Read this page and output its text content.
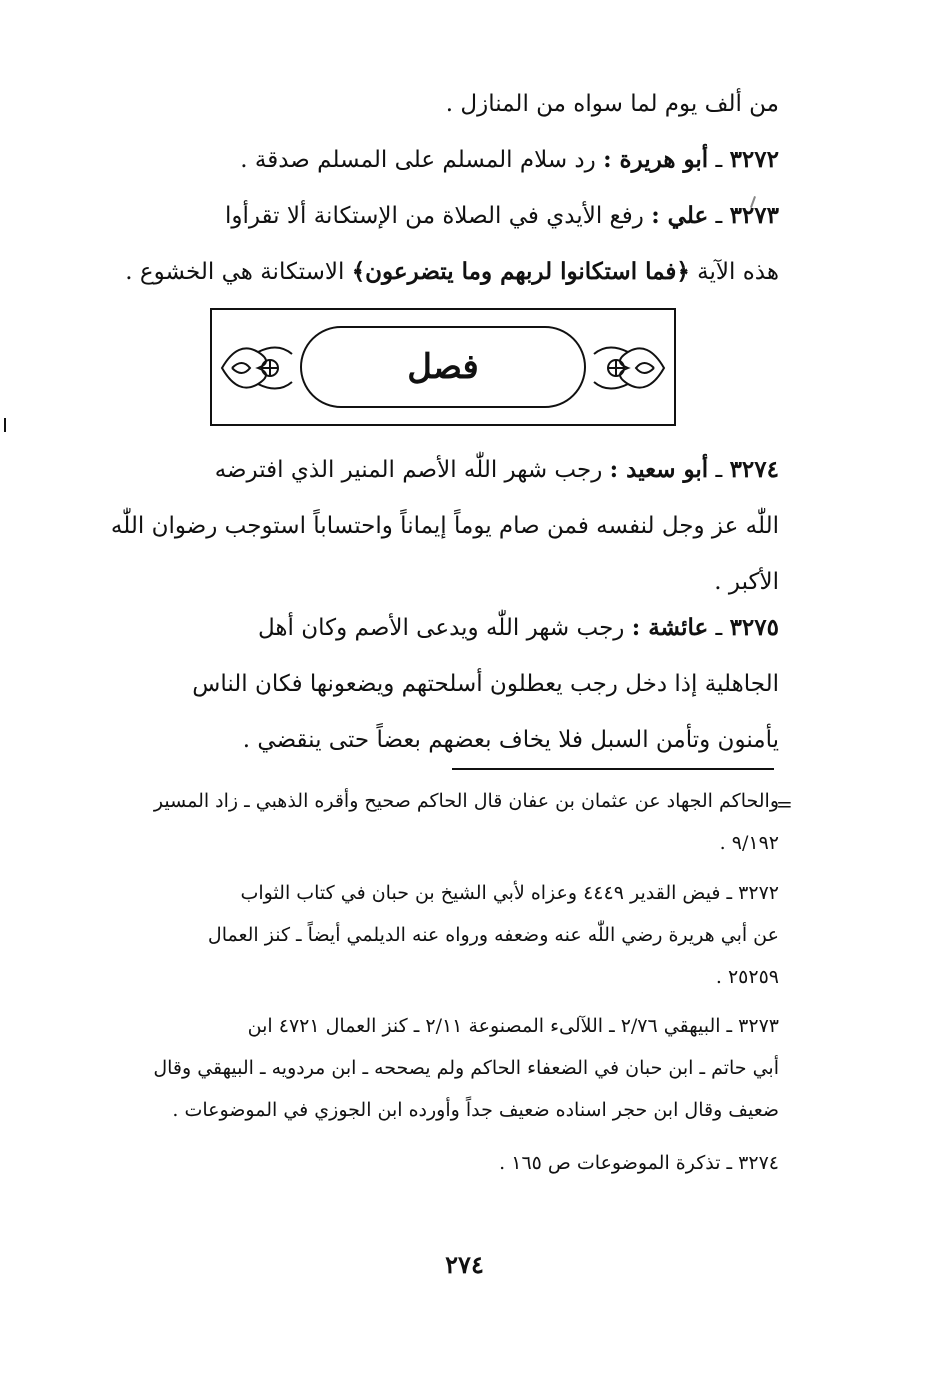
من ألف يوم لما سواه من المنازل .
٣٢٧٢ ـ أبو هريرة : رد سلام المسلم على المسلم صدقة .
٣٢٧٣ ـ علي : رفع الأيدي في الصلاة من الإستكانة ألا تقرأوا
هذه الآية ﴿فما استكانوا لربهم وما يتضرعون﴾ الاستكانة هي الخشوع .
فصل
٣٢٧٤ ـ أبو سعيد : رجب شهر اللّٰه الأصم المنير الذي افترضه
اللّٰه عز وجل لنفسه فمن صام يوماً إيماناً واحتساباً استوجب رضوان اللّٰه
الأكبر .
٣٢٧٥ ـ عائشة : رجب شهر اللّٰه ويدعى الأصم وكان أهل
الجاهلية إذا دخل رجب يعطلون أسلحتهم ويضعونها فكان الناس
يأمنون وتأمن السبل فلا يخاف بعضهم بعضاً حتى ينقضي .
=
والحاكم الجهاد عن عثمان بن عفان قال الحاكم صحيح وأقره الذهبي ـ زاد المسير
٩/١٩٢ .
٣٢٧٢ ـ فيض القدير ٤٤٤٩ وعزاه لأبي الشيخ بن حبان في كتاب الثواب
عن أبي هريرة رضي اللّٰه عنه وضعفه ورواه عنه الديلمي أيضاً ـ كنز العمال
٢٥٢٥٩ .
٣٢٧٣ ـ البيهقي ٢/٧٦ ـ اللآلىء المصنوعة ٢/١١ ـ كنز العمال ٤٧٢١ ابن
أبي حاتم ـ ابن حبان في الضعفاء الحاكم ولم يصححه ـ ابن مردويه ـ البيهقي وقال
ضعيف وقال ابن حجر اسناده ضعيف جداً وأورده ابن الجوزي في الموضوعات .
٣٢٧٤ ـ تذكرة الموضوعات ص ١٦٥ .
٢٧٤
